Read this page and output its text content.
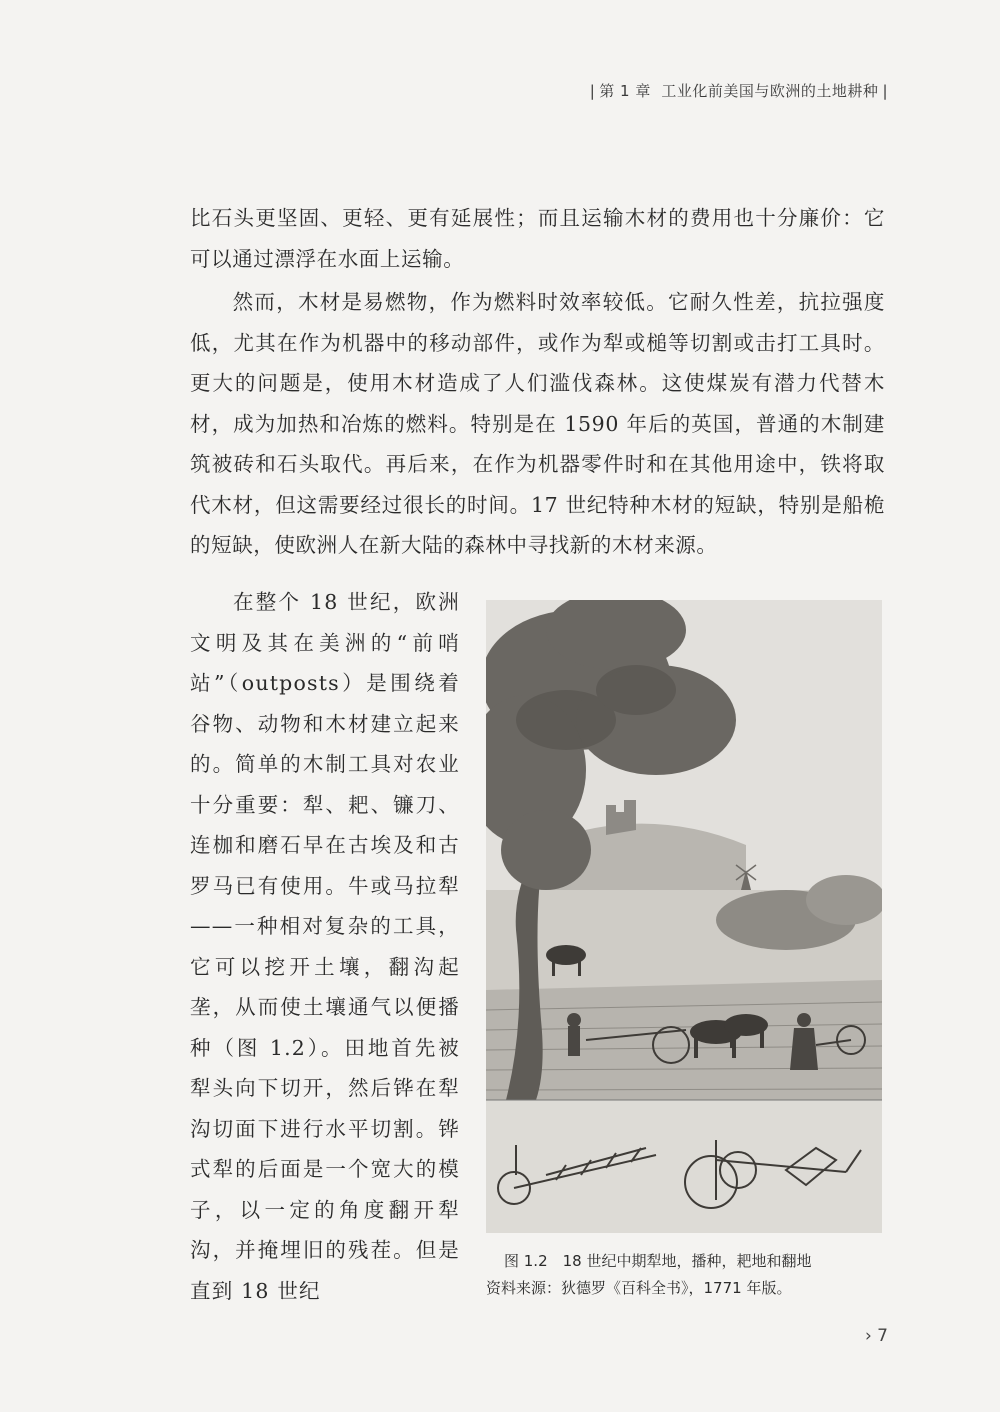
| 第 1 章 工业化前美国与欧洲的土地耕种 |

比石头更坚固、更轻、更有延展性；而且运输木材的费用也十分廉价：它可以通过漂浮在水面上运输。

然而，木材是易燃物，作为燃料时效率较低。它耐久性差，抗拉强度低，尤其在作为机器中的移动部件，或作为犁或槌等切割或击打工具时。更大的问题是，使用木材造成了人们滥伐森林。这使煤炭有潜力代替木材，成为加热和冶炼的燃料。特别是在 1590 年后的英国，普通的木制建筑被砖和石头取代。再后来，在作为机器零件时和在其他用途中，铁将取代木材，但这需要经过很长的时间。17 世纪特种木材的短缺，特别是船桅的短缺，使欧洲人在新大陆的森林中寻找新的木材来源。

在整个 18 世纪，欧洲文明及其在美洲的“前哨站”（outposts）是围绕着谷物、动物和木材建立起来的。简单的木制工具对农业十分重要：犁、耙、镰刀、连枷和磨石早在古埃及和古罗马已有使用。牛或马拉犁——一种相对复杂的工具，它可以挖开土壤，翻沟起垄，从而使土壤通气以便播种（图 1.2）。田地首先被犁头向下切开，然后铧在犁沟切面下进行水平切割。铧式犁的后面是一个宽大的模子，以一定的角度翻开犁沟，并掩埋旧的残茬。但是直到 18 世纪

图 1.2　18 世纪中期犁地，播种，耙地和翻地
资料来源：狄德罗《百科全书》，1771 年版。
› 7
